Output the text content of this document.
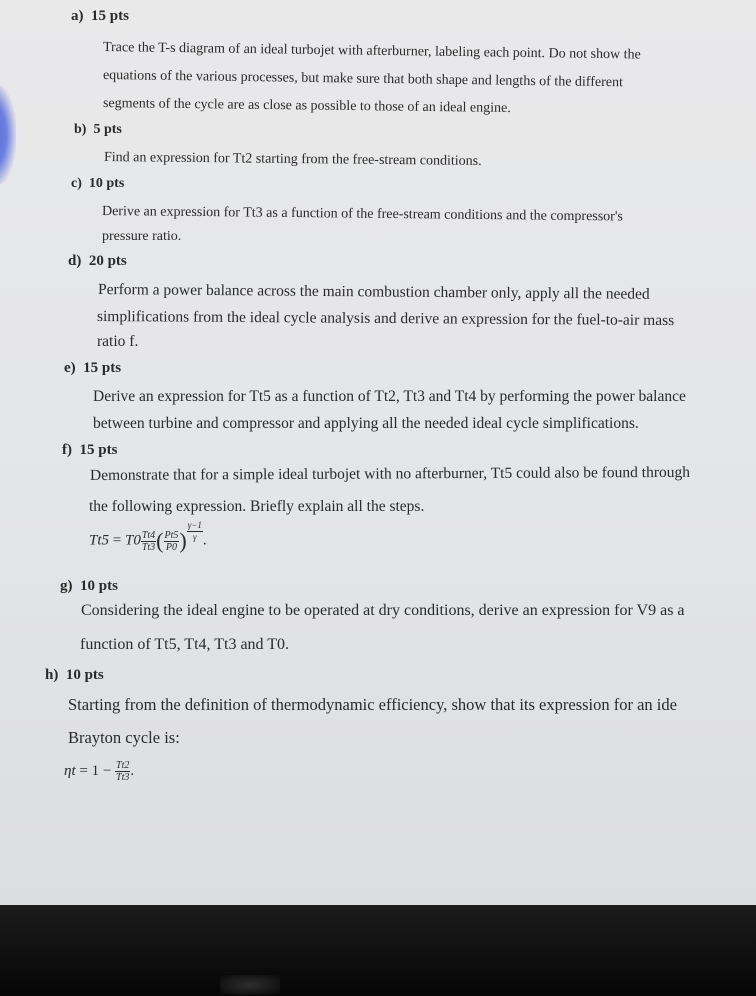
a) 15 pts
Trace the T-s diagram of an ideal turbojet with afterburner, labeling each point. Do not show the
equations of the various processes, but make sure that both shape and lengths of the different
segments of the cycle are as close as possible to those of an ideal engine.
b) 5 pts
Find an expression for Tt2 starting from the free-stream conditions.
c) 10 pts
Derive an expression for Tt3 as a function of the free-stream conditions and the compressor's
pressure ratio.
d) 20 pts
Perform a power balance across the main combustion chamber only, apply all the needed
simplifications from the ideal cycle analysis and derive an expression for the fuel-to-air mass
ratio f.
e) 15 pts
Derive an expression for Tt5 as a function of Tt2, Tt3 and Tt4 by performing the power balance
between turbine and compressor and applying all the needed ideal cycle simplifications.
f) 15 pts
Demonstrate that for a simple ideal turbojet with no afterburner, Tt5 could also be found through
the following expression. Briefly explain all the steps.
$Tt5 = T0 \frac{Tt4}{Tt3}$ ( $\frac{Pt5}{P0}$ ) $\frac{\gamma-1}{\gamma}$ .
g) 10 pts
Considering the ideal engine to be operated at dry conditions, derive an expression for V9 as a
function of Tt5, Tt4, Tt3 and T0.
h) 10 pts
Starting from the definition of thermodynamic efficiency, show that its expression for an ide
Brayton cycle is:
$\eta t = 1 - \frac{Tt2}{Tt3}$ .
